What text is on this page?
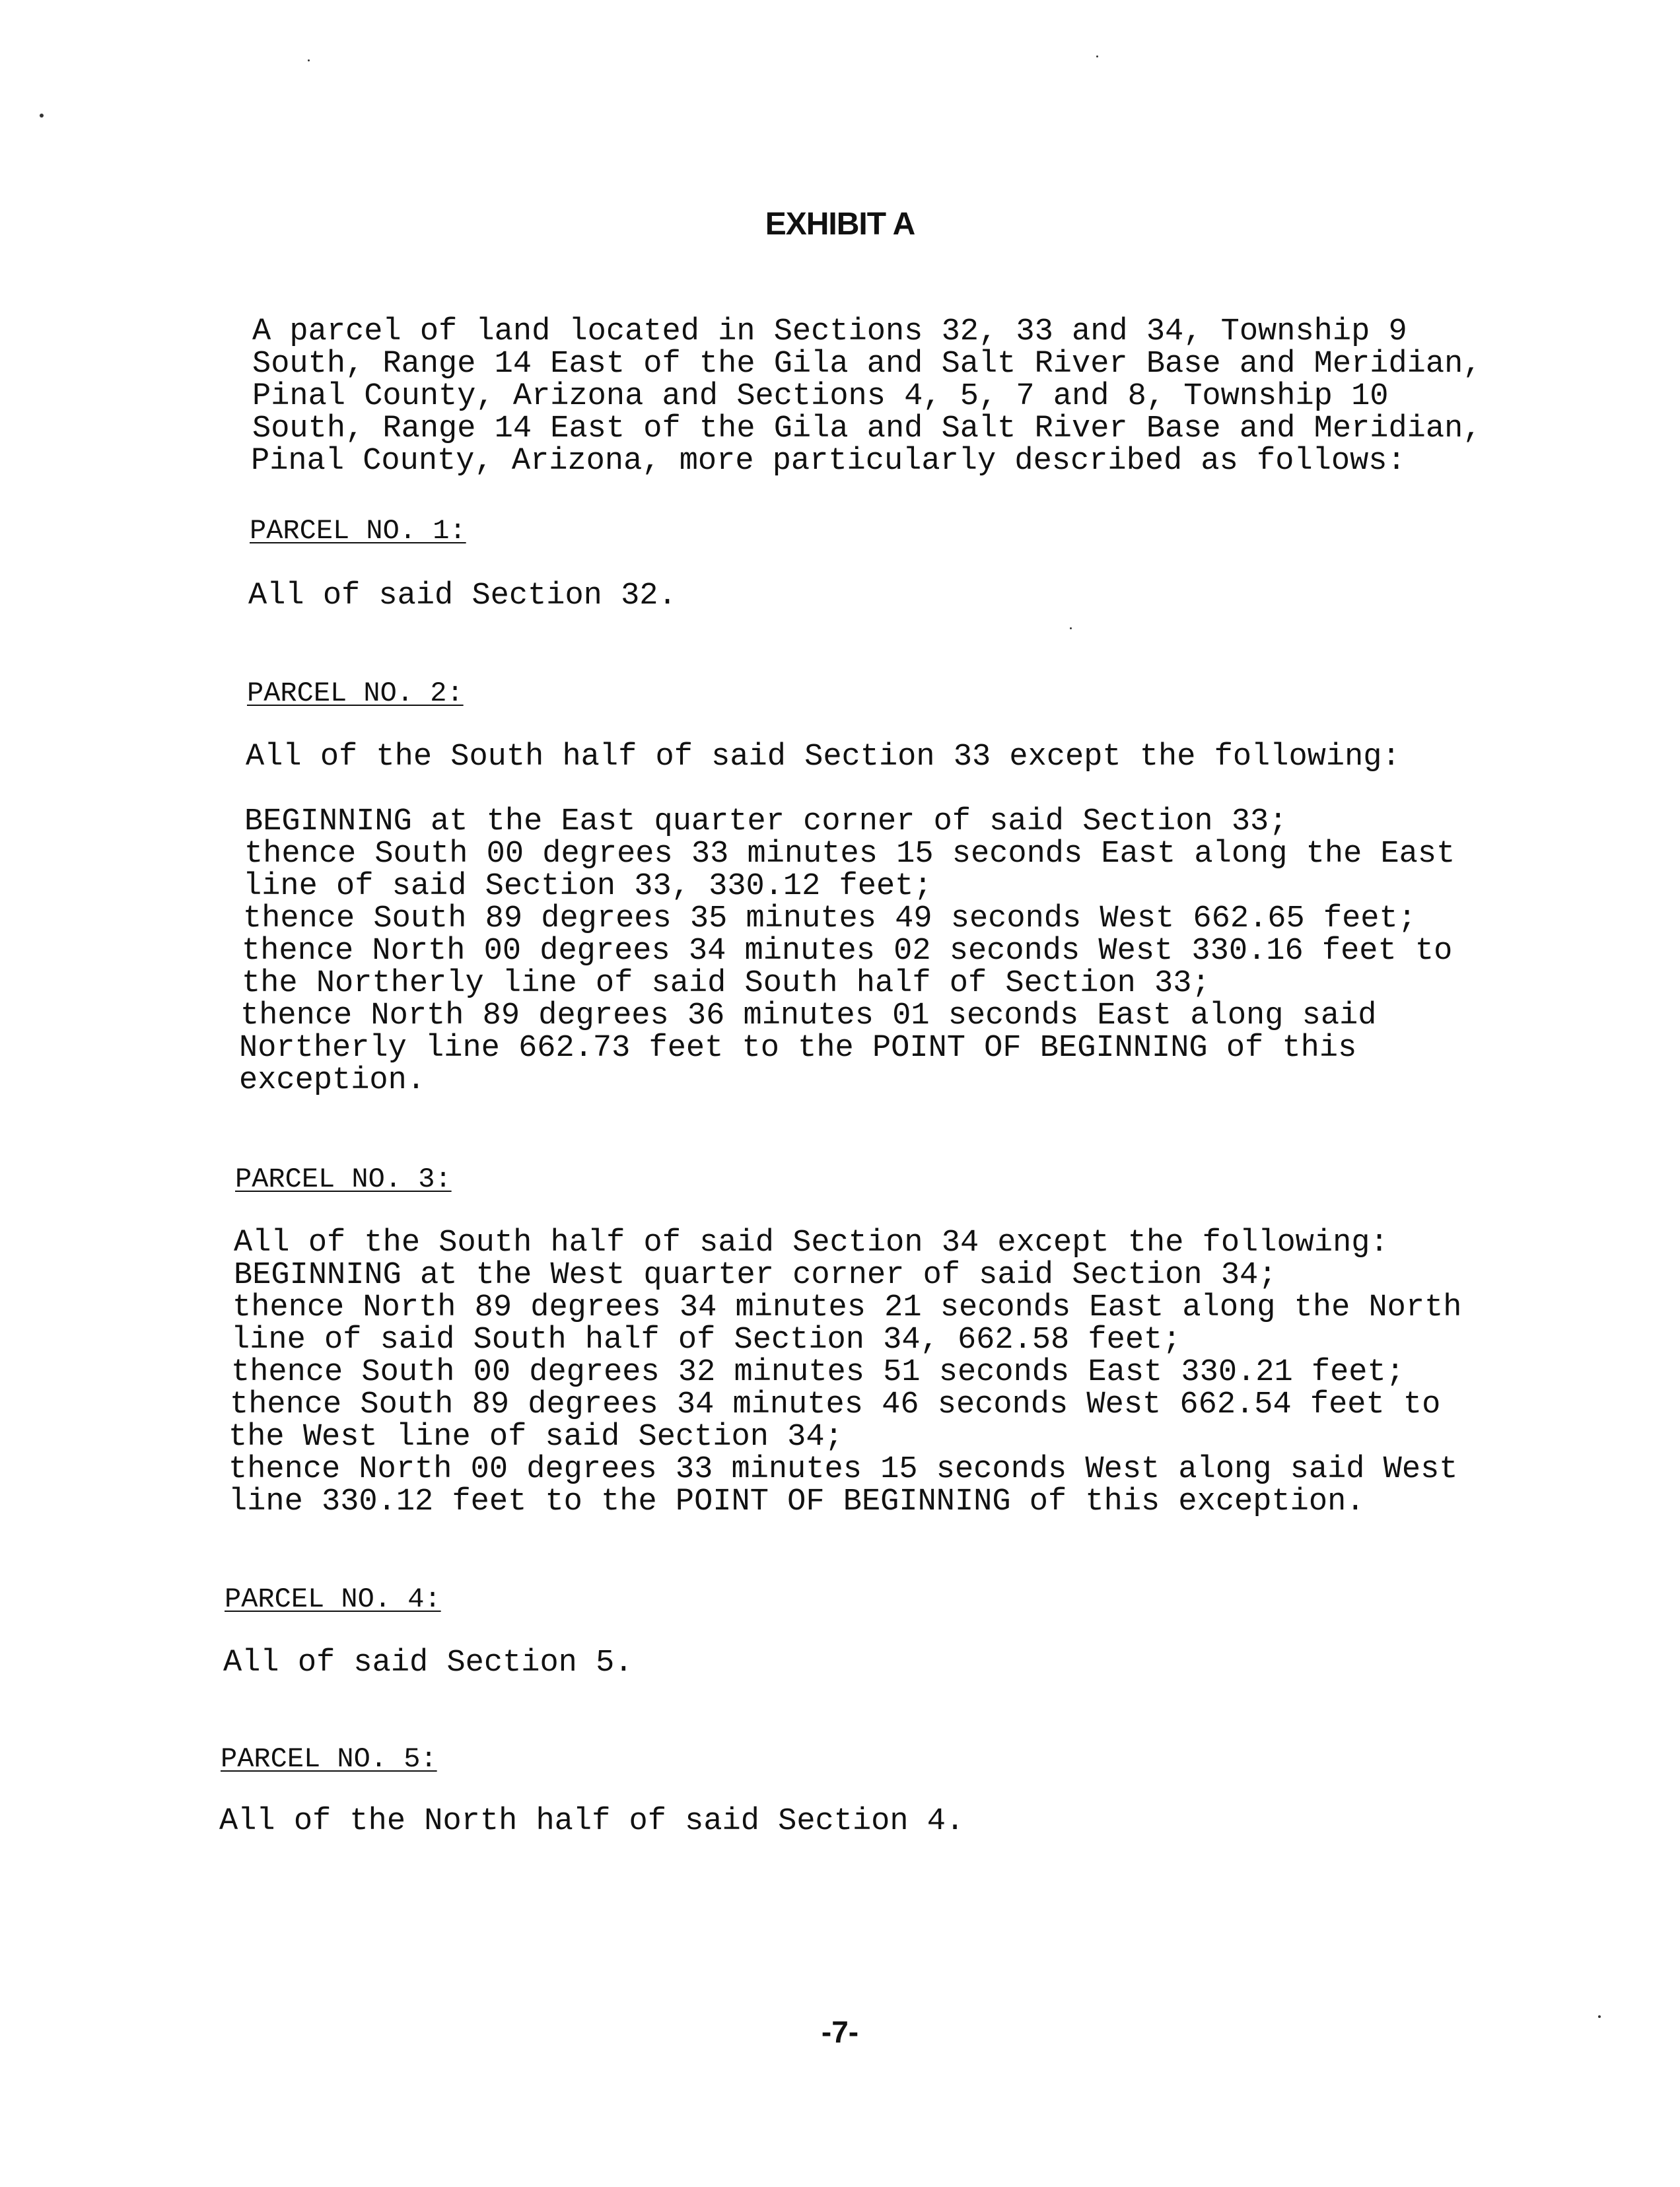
EXHIBIT A
A parcel of land located in Sections 32, 33 and 34, Township 9
South, Range 14 East of the Gila and Salt River Base and Meridian,
Pinal County, Arizona and Sections 4, 5, 7 and 8, Township 10
South, Range 14 East of the Gila and Salt River Base and Meridian,
Pinal County, Arizona, more particularly described as follows:
PARCEL NO. 1:
All of said Section 32.
PARCEL NO. 2:
All of the South half of said Section 33 except the following:
BEGINNING at the East quarter corner of said Section 33;
thence South 00 degrees 33 minutes 15 seconds East along the East
line of said Section 33, 330.12 feet;
thence South 89 degrees 35 minutes 49 seconds West 662.65 feet;
thence North 00 degrees 34 minutes 02 seconds West 330.16 feet to
the Northerly line of said South half of Section 33;
thence North 89 degrees 36 minutes 01 seconds East along said
Northerly line 662.73 feet to the POINT OF BEGINNING of this
exception.
PARCEL NO. 3:
All of the South half of said Section 34 except the following:
BEGINNING at the West quarter corner of said Section 34;
thence North 89 degrees 34 minutes 21 seconds East along the North
line of said South half of Section 34, 662.58 feet;
thence South 00 degrees 32 minutes 51 seconds East 330.21 feet;
thence South 89 degrees 34 minutes 46 seconds West 662.54 feet to
the West line of said Section 34;
thence North 00 degrees 33 minutes 15 seconds West along said West
line 330.12 feet to the POINT OF BEGINNING of this exception.
PARCEL NO. 4:
All of said Section 5.
PARCEL NO. 5:
All of the North half of said Section 4.
-7-
